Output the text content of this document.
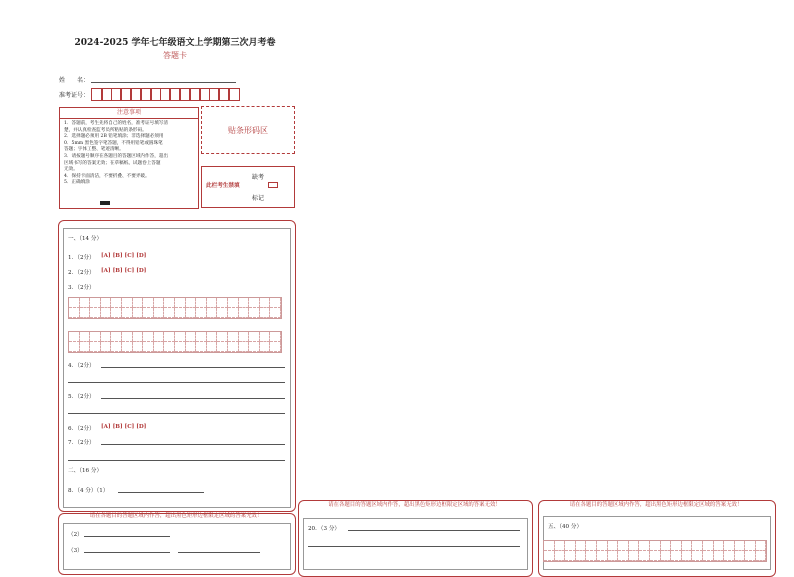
2024-2025 学年七年级语文上学期第三次月考卷
答题卡
姓　　名：
准考证号：
注意事项
1．答题前，考生先将自己的姓名，准考证号填写清
楚，并认真检查监考员所粘贴的条形码。
2．选择题必须用 2B 铅笔填涂；非选择题必须用
0．5mm 黑色签字笔答题，不得用铅笔或圆珠笔
答题；字体工整、笔迹清晰。
3．请按题号顺序在各题目的答题区域内作答，超出
区域书写的答案无效；在草稿纸、试题卷上答题
无效。
4．保持卡面清洁，不要折叠、不要弄破。
5．正确填涂
贴条形码区
此栏考生禁填
缺考
标记
一、（14 分）
1．（2分） [A] [B] [C] [D]
2．（2分） [A] [B] [C] [D]
3．（2分）
4．（2分）
5．（2分）
6．（2分） [A] [B] [C] [D]
7．（2分）
二、（16 分）
8．（4 分）（1）
请在各题目的答题区域内作答，超出黑色矩形边框限定区域的答案无效！
（2）
（3）
请在各题目的答题区域内作答，超出黑色矩形边框限定区域的答案无效！
20．（3 分）
请在各题目的答题区域内作答，超出黑色矩形边框限定区域的答案无效！
五、（40 分）
